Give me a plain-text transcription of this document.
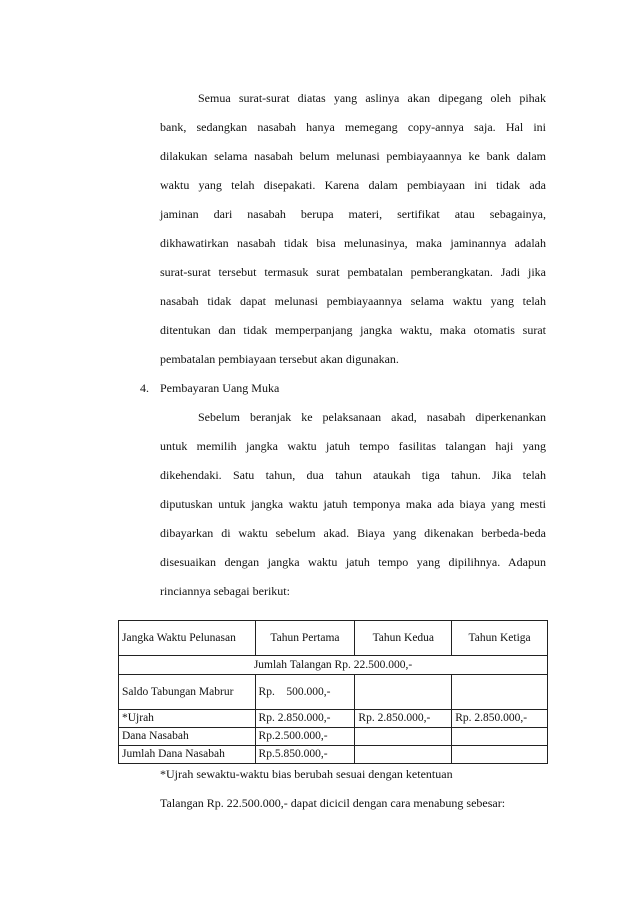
Semua surat-surat diatas yang aslinya akan dipegang oleh pihak
bank, sedangkan nasabah hanya memegang copy-annya saja. Hal ini
dilakukan selama nasabah belum melunasi pembiayaannya ke bank dalam
waktu yang telah disepakati. Karena dalam pembiayaan ini tidak ada
jaminan dari nasabah berupa materi, sertifikat atau sebagainya,
dikhawatirkan nasabah tidak bisa melunasinya, maka jaminannya adalah
surat-surat tersebut termasuk surat pembatalan pemberangkatan. Jadi jika
nasabah tidak dapat melunasi pembiayaannya selama waktu yang telah
ditentukan dan tidak memperpanjang jangka waktu, maka otomatis surat
pembatalan pembiayaan tersebut akan digunakan.
4. Pembayaran Uang Muka
Sebelum beranjak ke pelaksanaan akad, nasabah diperkenankan
untuk memilih jangka waktu jatuh tempo fasilitas talangan haji yang
dikehendaki. Satu tahun, dua tahun ataukah tiga tahun. Jika telah
diputuskan untuk jangka waktu jatuh temponya maka ada biaya yang mesti
dibayarkan di waktu sebelum akad. Biaya yang dikenakan berbeda-beda
disesuaikan dengan jangka waktu jatuh tempo yang dipilihnya. Adapun
rinciannya sebagai berikut:
Jangka Waktu Pelunasan	Tahun Pertama	Tahun Kedua	Tahun Ketiga
Jumlah Talangan Rp. 22.500.000,-			
Saldo Tabungan Mabrur	Rp.    500.000,-		
*Ujrah	Rp. 2.850.000,-	Rp. 2.850.000,-	Rp. 2.850.000,-
Dana Nasabah	Rp.2.500.000,-		
Jumlah Dana Nasabah	Rp.5.850.000,-		
*Ujrah sewaktu-waktu bias berubah sesuai dengan ketentuan
Talangan Rp. 22.500.000,- dapat dicicil dengan cara menabung sebesar:
